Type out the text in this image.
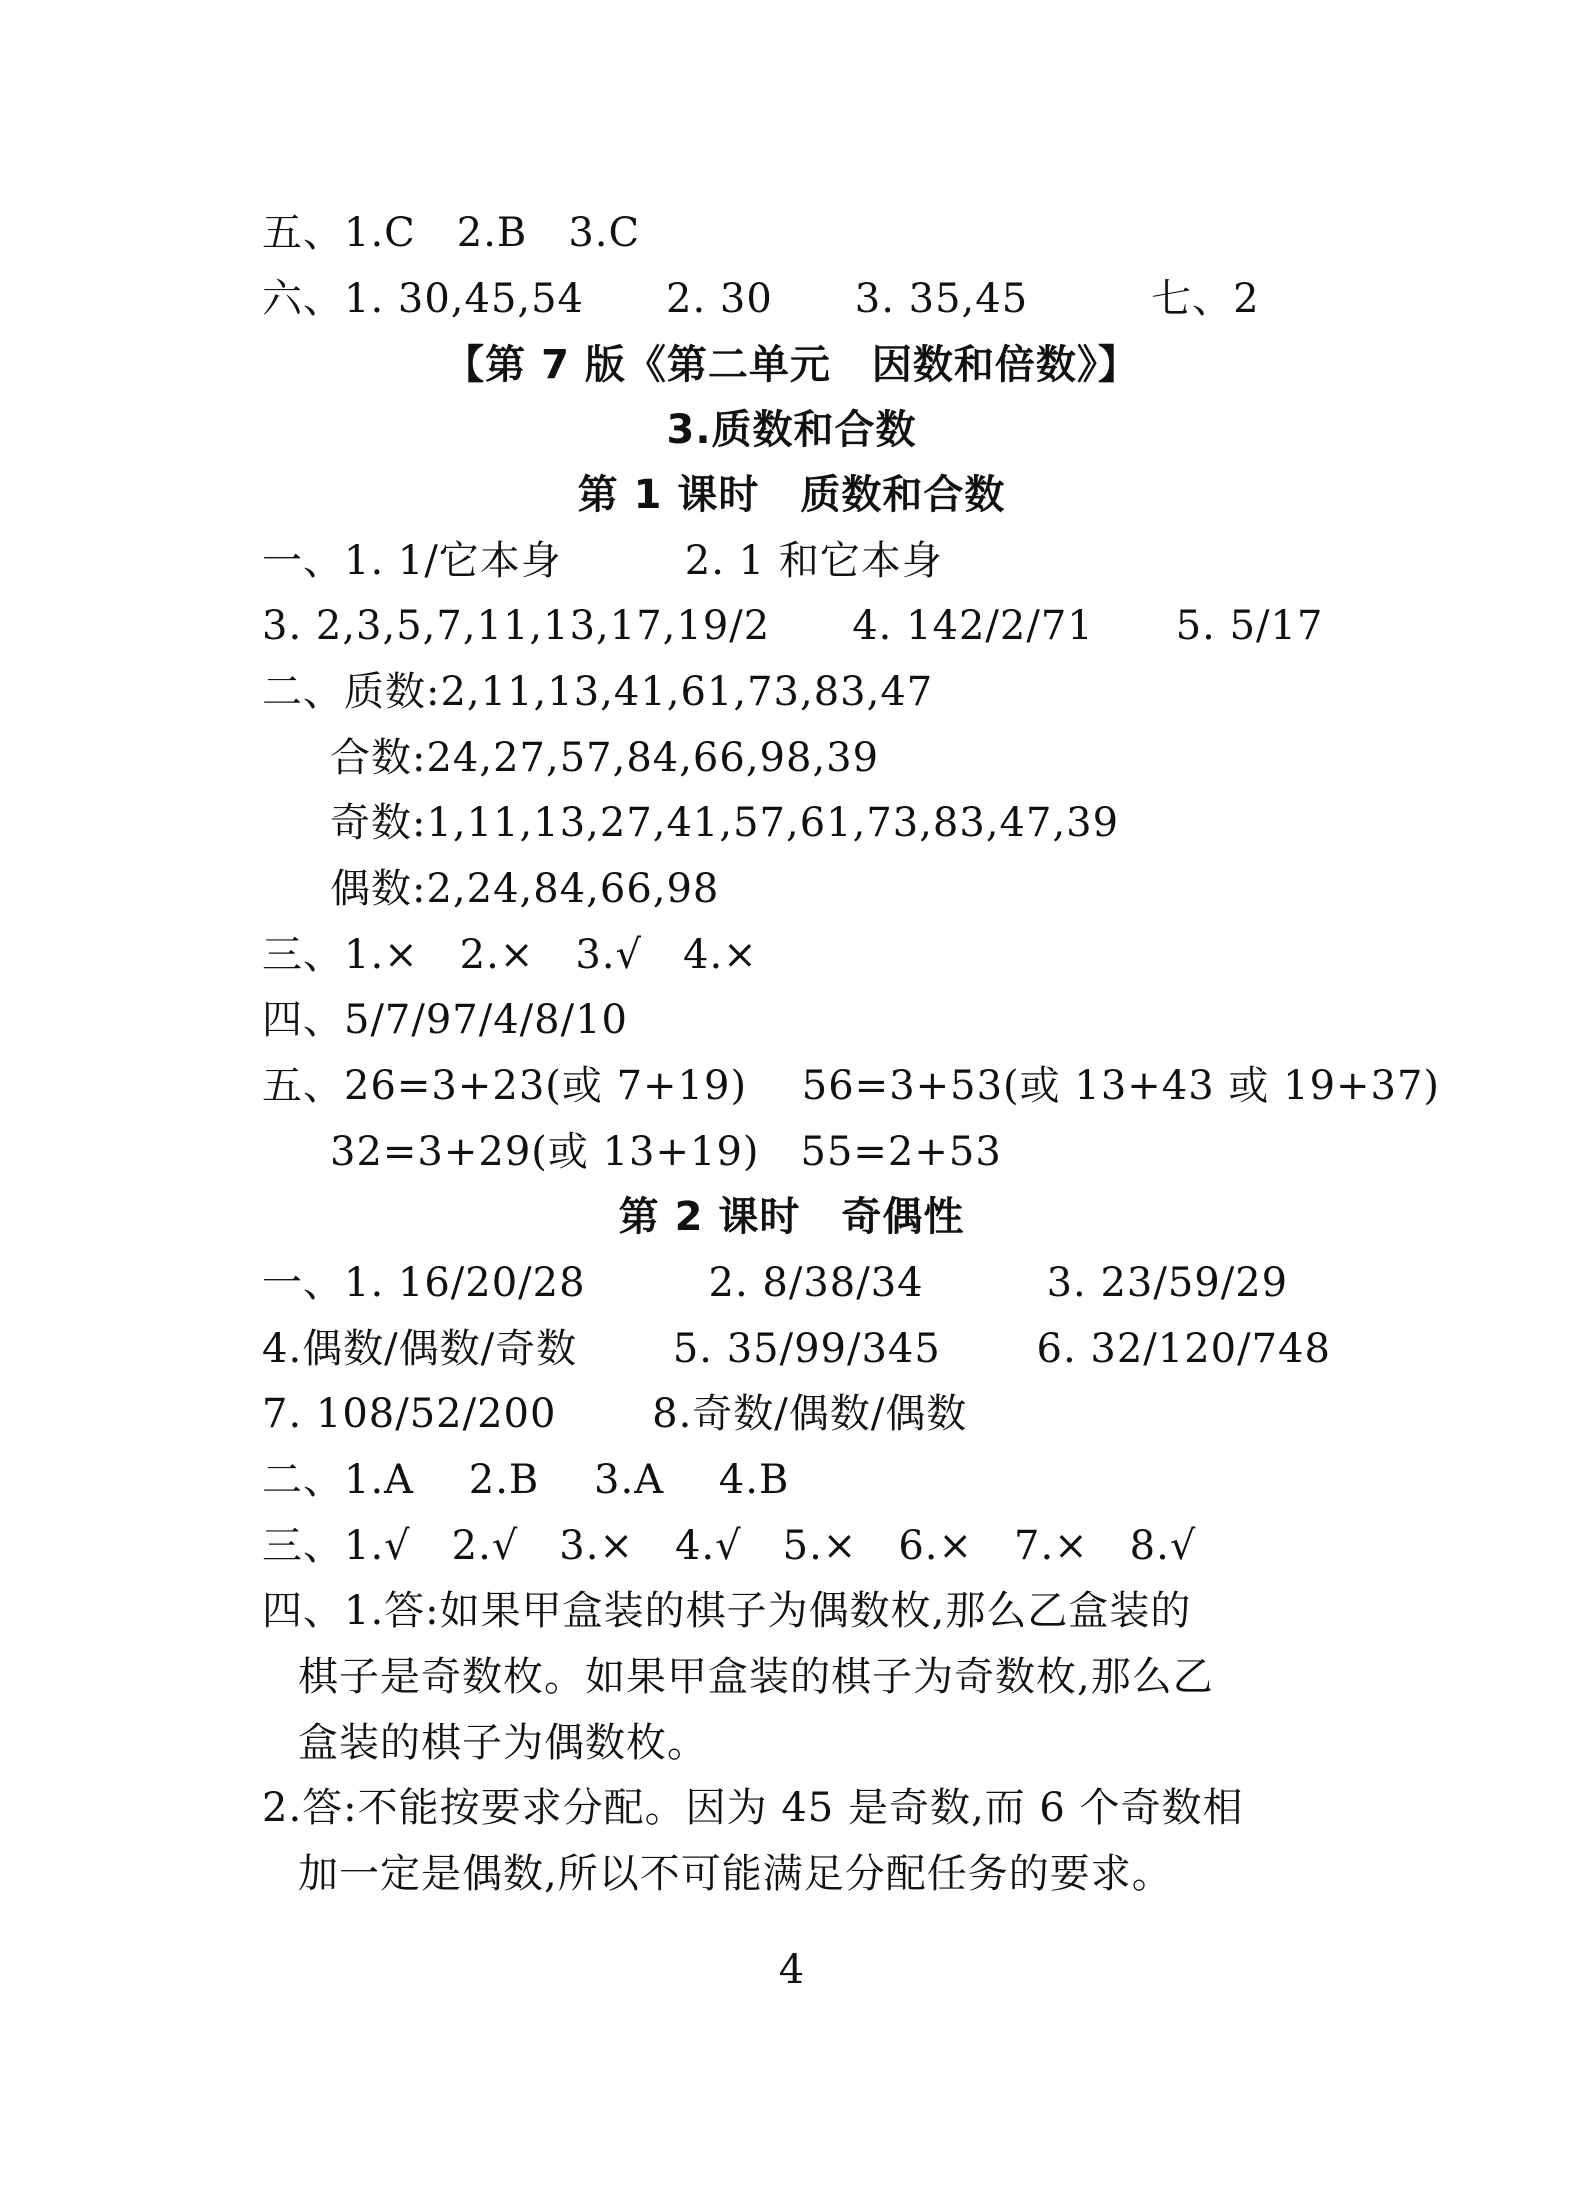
五、1.C　2.B　3.C
六、1. 30,45,54　　2. 30　　3. 35,45　　　七、2
【第 7 版《第二单元　因数和倍数》】
3.质数和合数
第 1 课时　质数和合数
一、1. 1/它本身　　　2. 1 和它本身
3. 2,3,5,7,11,13,17,19/2　　4. 142/2/71　　5. 5/17
二、质数:2,11,13,41,61,73,83,47
合数:24,27,57,84,66,98,39
奇数:1,11,13,27,41,57,61,73,83,47,39
偶数:2,24,84,66,98
三、1.×　2.×　3.√　4.×
四、5/7/97/4/8/10
五、26=3+23(或 7+19)　 56=3+53(或 13+43 或 19+37)
32=3+29(或 13+19)　55=2+53
第 2 课时　奇偶性
一、1. 16/20/28　　　2. 8/38/34　　　3. 23/59/29
4.偶数/偶数/奇数　　 5. 35/99/345　　 6. 32/120/748
7. 108/52/200　　 8.奇数/偶数/偶数
二、1.A　 2.B　 3.A　 4.B
三、1.√　2.√　3.×　4.√　5.×　6.×　7.×　8.√
四、1.答:如果甲盒装的棋子为偶数枚,那么乙盒装的
棋子是奇数枚。如果甲盒装的棋子为奇数枚,那么乙
盒装的棋子为偶数枚。
2.答:不能按要求分配。因为 45 是奇数,而 6 个奇数相
加一定是偶数,所以不可能满足分配任务的要求。
4
